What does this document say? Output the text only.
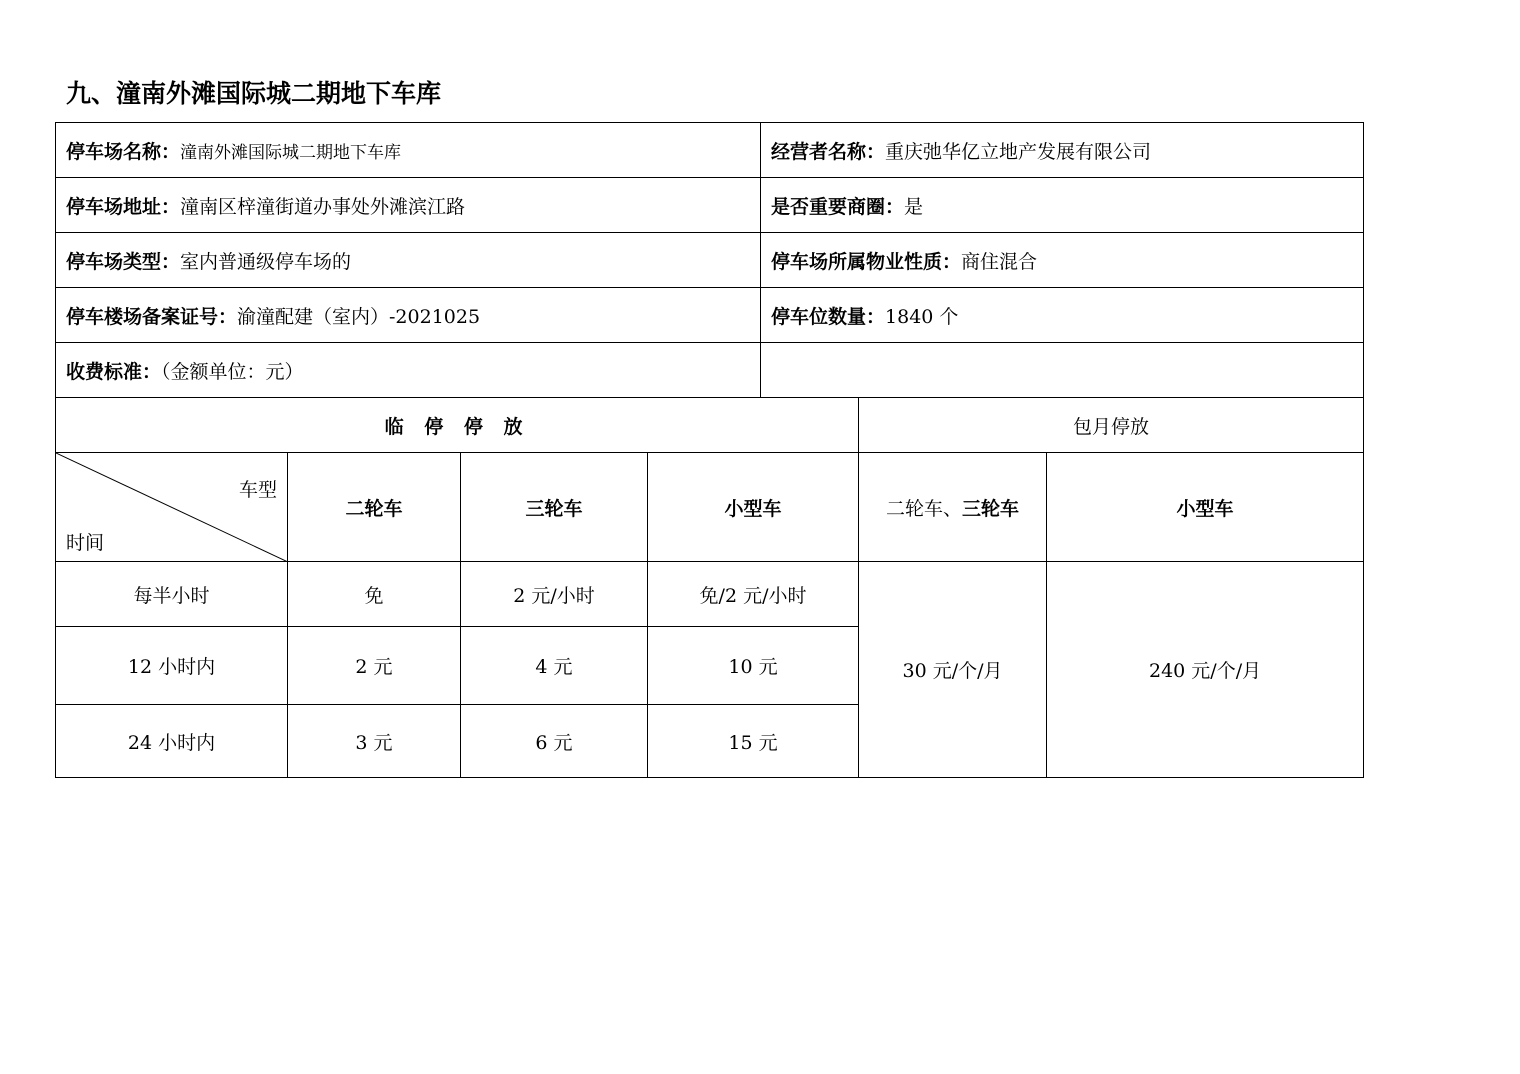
九、潼南外滩国际城二期地下车库
停车场名称：潼南外滩国际城二期地下车库	经营者名称：重庆弛华亿立地产发展有限公司
停车场地址：潼南区梓潼街道办事处外滩滨江路	是否重要商圈：是
停车场类型：室内普通级停车场的	停车场所属物业性质：商住混合
停车楼场备案证号：渝潼配建（室内）-2021025	停车位数量：1840 个
收费标准：（金额单位：元）	
临 停 停 放				包月停放	

车型
时间	二轮车	三轮车	小型车	二轮车、三轮车	小型车
每半小时	免	2 元/小时	免/2 元/小时	30 元/个/月	240 元/个/月
12 小时内	2 元	4 元	10 元		
24 小时内	3 元	6 元	15 元		
